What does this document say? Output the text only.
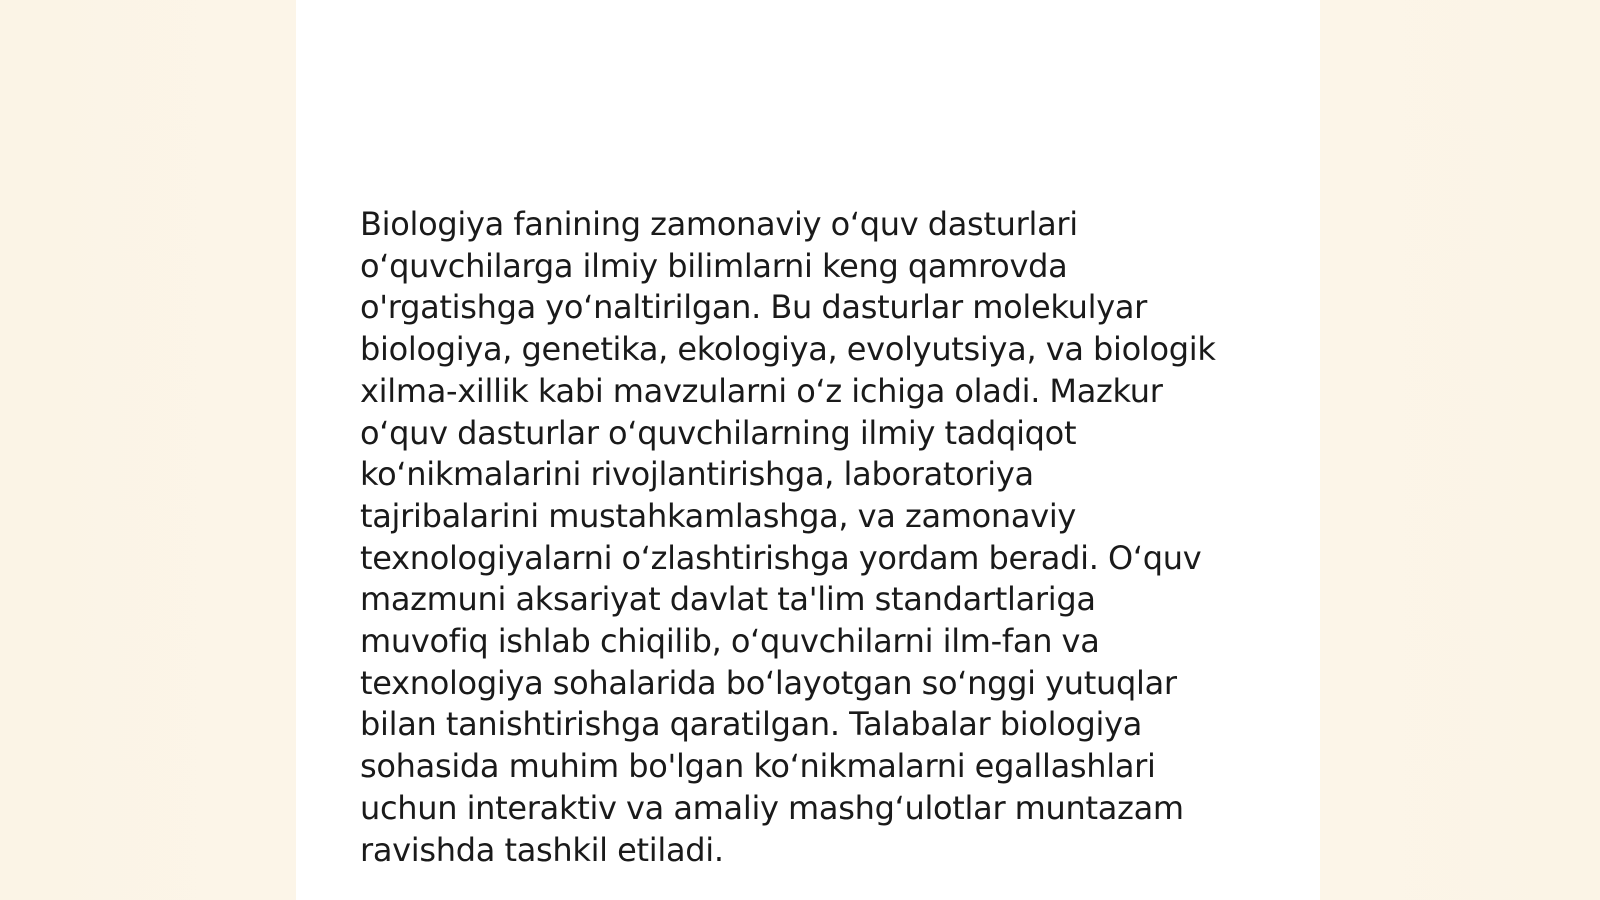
Biologiya fanining zamonaviy oʻquv dasturlari
oʻquvchilarga ilmiy bilimlarni keng qamrovda
o'rgatishga yoʻnaltirilgan. Bu dasturlar molekulyar
biologiya, genetika, ekologiya, evolyutsiya, va biologik
xilma-xillik kabi mavzularni oʻz ichiga oladi. Mazkur
oʻquv dasturlar oʻquvchilarning ilmiy tadqiqot
koʻnikmalarini rivojlantirishga, laboratoriya
tajribalarini mustahkamlashga, va zamonaviy
texnologiyalarni oʻzlashtirishga yordam beradi. Oʻquv
mazmuni aksariyat davlat ta'lim standartlariga
muvofiq ishlab chiqilib, oʻquvchilarni ilm-fan va
texnologiya sohalarida boʻlayotgan soʻnggi yutuqlar
bilan tanishtirishga qaratilgan. Talabalar biologiya
sohasida muhim bo'lgan koʻnikmalarni egallashlari
uchun interaktiv va amaliy mashgʻulotlar muntazam
ravishda tashkil etiladi.
